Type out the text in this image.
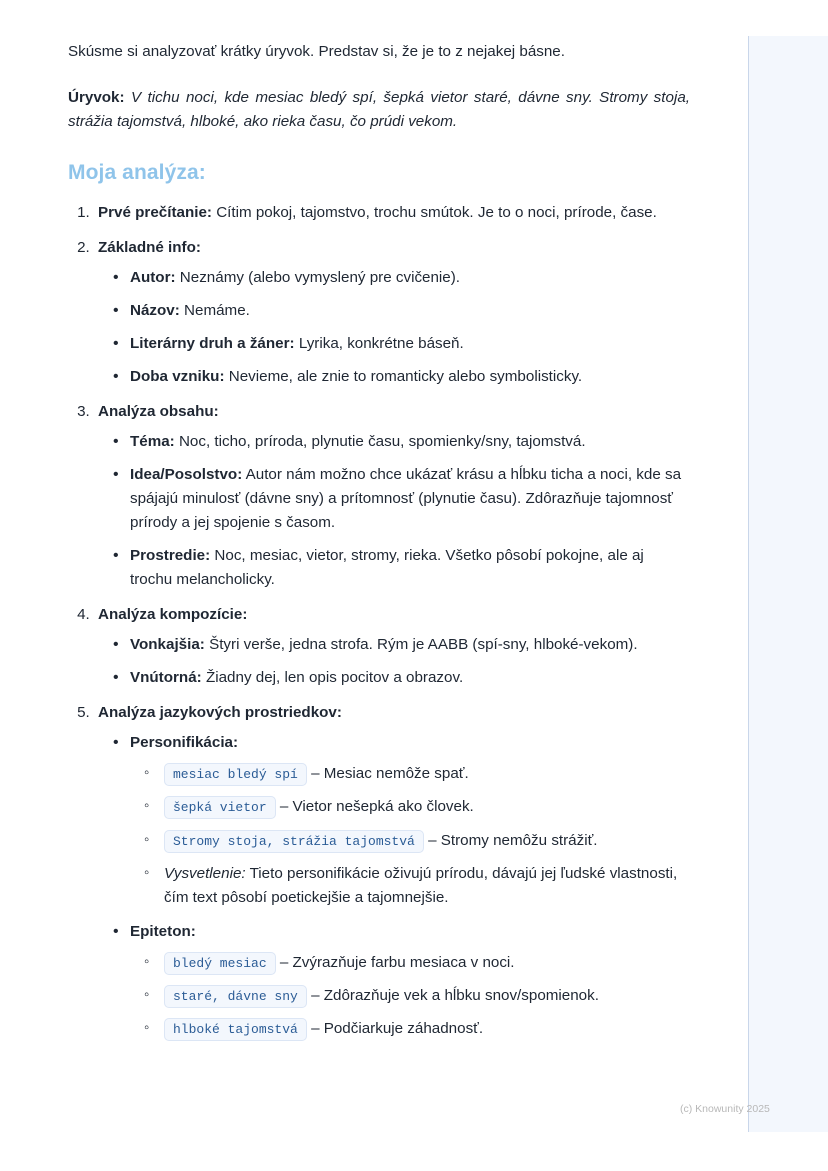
Skúsme si analyzovať krátky úryvok. Predstav si, že je to z nejakej básne.

Úryvok: V tichu noci, kde mesiac bledý spí, šepká vietor staré, dávne sny. Stromy stoja, strážia tajomstvá, hlboké, ako rieka času, čo prúdi vekom.

Moja analýza:
1. Prvé prečítanie: Cítim pokoj, tajomstvo, trochu smútok. Je to o noci, prírode, čase.
2. Základné info:
• Autor: Neznámy (alebo vymyslený pre cvičenie).
• Názov: Nemáme.
• Literárny druh a žáner: Lyrika, konkrétne báseň.
• Doba vzniku: Nevieme, ale znie to romanticky alebo symbolisticky.
3. Analýza obsahu:
• Téma: Noc, ticho, príroda, plynutie času, spomienky/sny, tajomstvá.
• Idea/Posolstvo: Autor nám možno chce ukázať krásu a hĺbku ticha a noci, kde sa spájajú minulosť (dávne sny) a prítomnosť (plynutie času). Zdôrazňuje tajomnosť prírody a jej spojenie s časom.
• Prostredie: Noc, mesiac, vietor, stromy, rieka. Všetko pôsobí pokojne, ale aj trochu melancholicky.
4. Analýza kompozície:
• Vonkajšia: Štyri verše, jedna strofa. Rým je AABB (spí-sny, hlboké-vekom).
• Vnútorná: Žiadny dej, len opis pocitov a obrazov.
5. Analýza jazykových prostriedkov:
• Personifikácia:
◦ mesiac bledý spí – Mesiac nemôže spať.
◦ šepká vietor – Vietor nešepká ako človek.
◦ Stromy stoja, strážia tajomstvá – Stromy nemôžu strážiť.
◦ Vysvetlenie: Tieto personifikácie oživujú prírodu, dávajú jej ľudské vlastnosti, čím text pôsobí poetickejšie a tajomnejšie.
• Epiteton:
◦ bledý mesiac – Zvýrazňuje farbu mesiaca v noci.
◦ staré, dávne sny – Zdôrazňuje vek a hĺbku snov/spomienok.
◦ hlboké tajomstvá – Podčiarkuje záhadnosť.
(c) Knowunity 2025
